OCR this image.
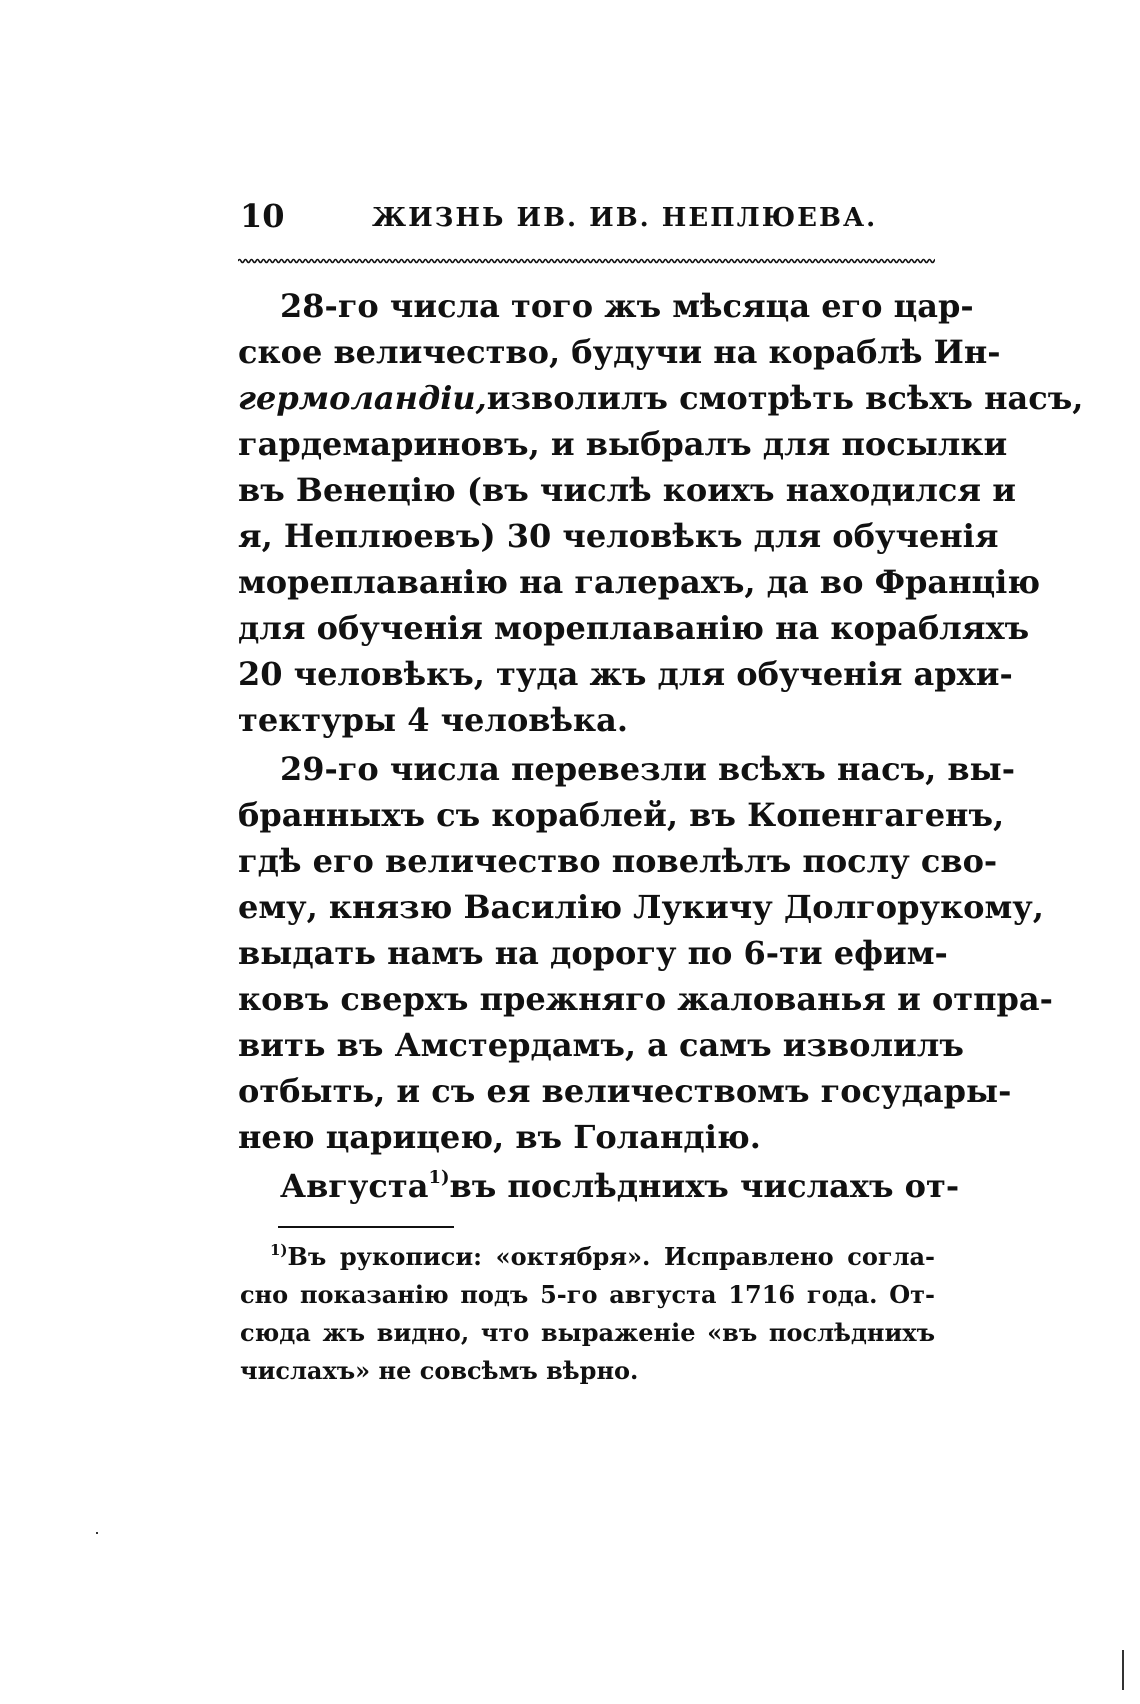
10	ЖИЗНЬ ИВ. ИВ. НЕПЛЮЕВА.
28-го числа того жъ мѣсяца его цар-
ское величество, будучи на кораблѣ Ин-
гермоландіи,изволилъ смотрѣть всѣхъ насъ,
гардемариновъ, и выбралъ для посылки
въ Венецію (въ числѣ коихъ находился и
я, Неплюевъ) 30 человѣкъ для обученія
мореплаванію на галерахъ, да во Францію
для обученія мореплаванію на корабляхъ
20 человѣкъ, туда жъ для обученія архи-
тектуры 4 человѣка.
29-го числа перевезли всѣхъ насъ, вы-
бранныхъ съ кораблей, въ Копенгагенъ,
гдѣ его величество повелѣлъ послу сво-
ему, князю Василію Лукичу Долгорукому,
выдать намъ на дорогу по 6-ти ефим-
ковъ сверхъ прежняго жалованья и отпра-
вить въ Амстердамъ, а самъ изволилъ
отбыть, и съ ея величествомъ государы-
нею царицею, въ Голандію.
Августа$^{1)}$въ послѣднихъ числахъ от-
$^{1)}$Въ рукописи: «октября». Исправлено согла-
сно показанію подъ 5-го августа 1716 года. От-
сюда жъ видно, что выраженіе «въ послѣднихъ
числахъ» не совсѣмъ вѣрно.
